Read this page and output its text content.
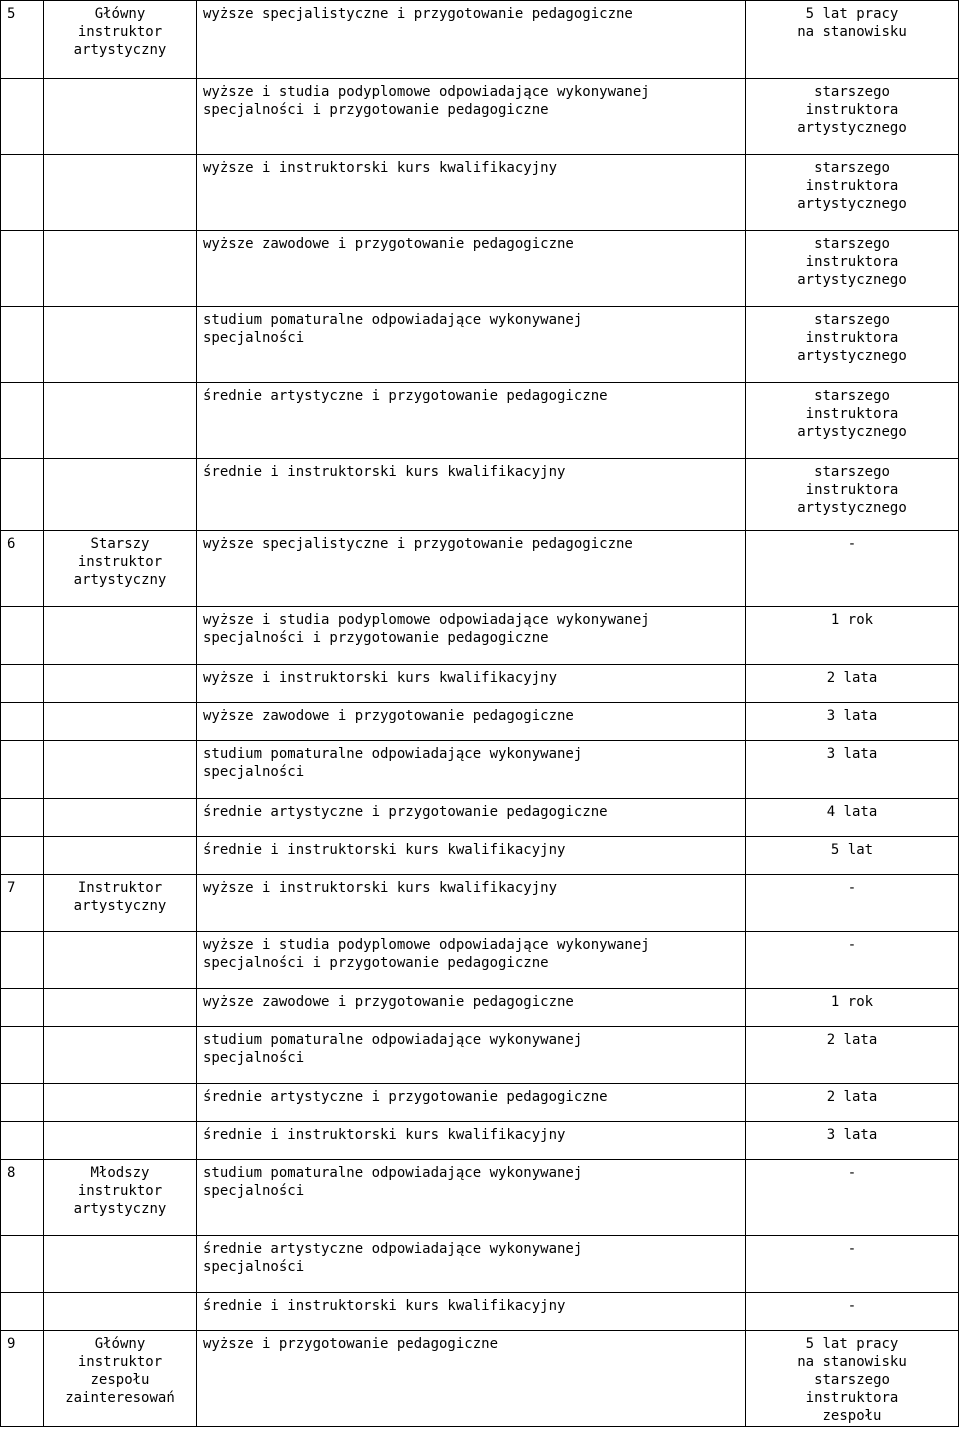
5	Główny
instruktor
artystyczny	wyższe specjalistyczne i przygotowanie pedagogiczne	5 lat pracy
na stanowisku
		wyższe i studia podyplomowe odpowiadające wykonywanej
specjalności i przygotowanie pedagogiczne	starszego
instruktora
artystycznego
		wyższe i instruktorski kurs kwalifikacyjny	starszego
instruktora
artystycznego
		wyższe zawodowe i przygotowanie pedagogiczne	starszego
instruktora
artystycznego
		studium pomaturalne odpowiadające wykonywanej
specjalności	starszego
instruktora
artystycznego
		średnie artystyczne i przygotowanie pedagogiczne	starszego
instruktora
artystycznego
		średnie i instruktorski kurs kwalifikacyjny	starszego
instruktora
artystycznego
6	Starszy
instruktor
artystyczny	wyższe specjalistyczne i przygotowanie pedagogiczne	-
		wyższe i studia podyplomowe odpowiadające wykonywanej
specjalności i przygotowanie pedagogiczne	1 rok
		wyższe i instruktorski kurs kwalifikacyjny	2 lata
		wyższe zawodowe i przygotowanie pedagogiczne	3 lata
		studium pomaturalne odpowiadające wykonywanej
specjalności	3 lata
		średnie artystyczne i przygotowanie pedagogiczne	4 lata
		średnie i instruktorski kurs kwalifikacyjny	5 lat
7	Instruktor
artystyczny	wyższe i instruktorski kurs kwalifikacyjny	-
		wyższe i studia podyplomowe odpowiadające wykonywanej
specjalności i przygotowanie pedagogiczne	-
		wyższe zawodowe i przygotowanie pedagogiczne	1 rok
		studium pomaturalne odpowiadające wykonywanej
specjalności	2 lata
		średnie artystyczne i przygotowanie pedagogiczne	2 lata
		średnie i instruktorski kurs kwalifikacyjny	3 lata
8	Młodszy
instruktor
artystyczny	studium pomaturalne odpowiadające wykonywanej
specjalności	-
		średnie artystyczne odpowiadające wykonywanej
specjalności	-
		średnie i instruktorski kurs kwalifikacyjny	-
9	Główny
instruktor
zespołu
zainteresowań	wyższe i przygotowanie pedagogiczne	5 lat pracy
na stanowisku
starszego
instruktora
zespołu
